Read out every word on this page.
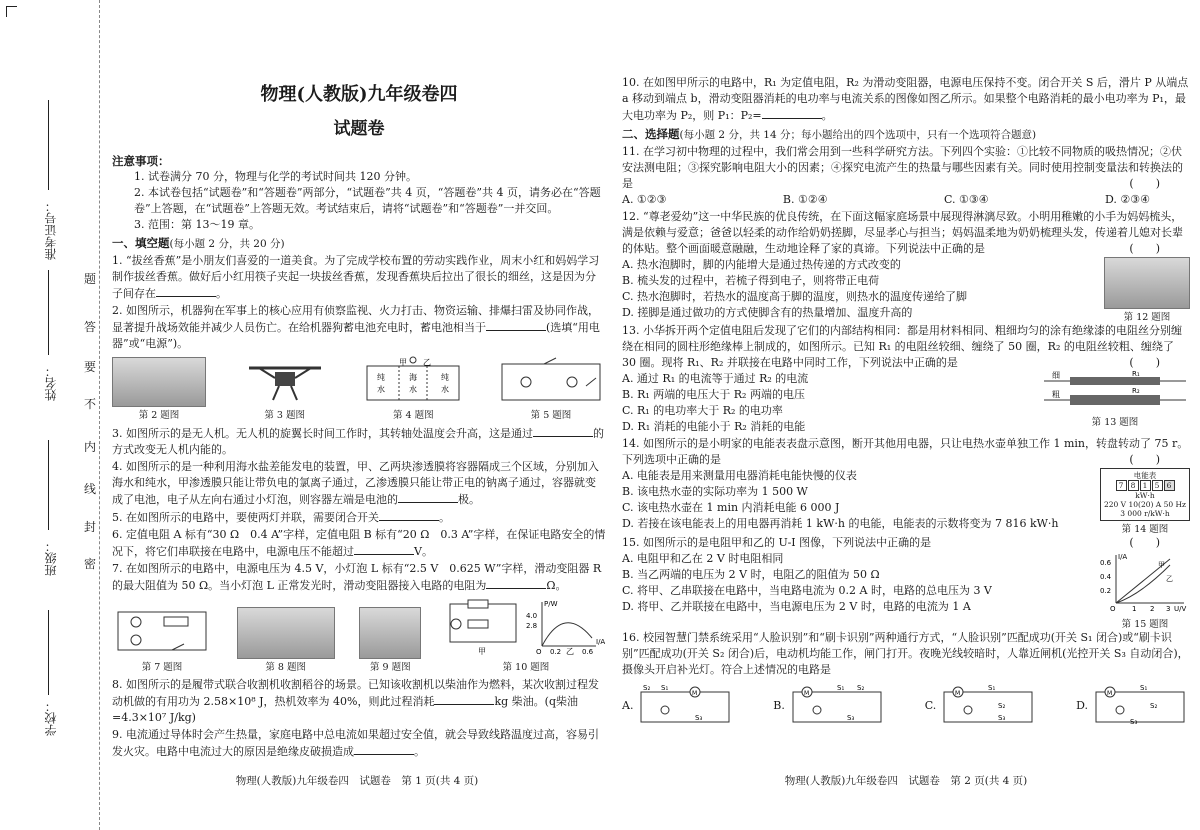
准考证号：
姓名：
班级：
学校：
题
答
要
不
内
线
封
密
物理(人教版)九年级卷四
试题卷
注意事项：

1. 试卷满分 70 分，物理与化学的考试时间共 120 分钟。

2. 本试卷包括“试题卷”和“答题卷”两部分，“试题卷”共 4 页，“答题卷”共 4 页，请务必在“答题卷”上答题，在“试题卷”上答题无效。考试结束后，请将“试题卷”和“答题卷”一并交回。

3. 范围：第 13～19 章。

一、填空题(每小题 2 分，共 20 分)
1. “拔丝香蕉”是小朋友们喜爱的一道美食。为了完成学校布置的劳动实践作业，周末小红和妈妈学习制作拔丝香蕉。做好后小红用筷子夹起一块拔丝香蕉，发现香蕉块后拉出了很长的细丝，这是因为分子间存在	。
2. 如图所示，机器狗在军事上的核心应用有侦察监视、火力打击、物资运输、排爆扫雷及协同作战，显著提升战场效能并减少人员伤亡。在给机器狗蓄电池充电时，蓄电池相当于	(选填“用电器”或“电源”)。
第 2 题图	第 3 题图
甲 乙
纯	海	纯
水	水	水
第 4 题图	第 5 题图
3. 如图所示的是无人机。无人机的旋翼长时间工作时，其转轴处温度会升高，这是通过	的方式改变无人机内能的。
4. 如图所示的是一种利用海水盐差能发电的装置，甲、乙两块渗透膜将容器隔成三个区域，分别加入海水和纯水，甲渗透膜只能让带负电的氯离子通过，乙渗透膜只能让带正电的钠离子通过，容器就变成了电池，电子从左向右通过小灯泡，则容器左端是电池的	极。
5. 在如图所示的电路中，要使两灯并联，需要闭合开关	。
6. 定值电阻 A 标有“30 Ω　0.4 A”字样，定值电阻 B 标有“20 Ω　0.3 A”字样，在保证电路安全的情况下，将它们串联接在电路中，电源电压不能超过	V。
7. 在如图所示的电路中，电源电压为 4.5 V，小灯泡 L 标有“2.5 V　0.625 W”字样，滑动变阻器 R 的最大阻值为 50 Ω。当小灯泡 L 正常发光时，滑动变阻器接入电路的电阻为	Ω。
第 7 题图	第 8 题图	第 9 题图
甲
P/W
4.0
2.8
I/A
0.2	0.6
O	乙
第 10 题图
8. 如图所示的是履带式联合收割机收割稻谷的场景。已知该收割机以柴油作为燃料，某次收割过程发动机做的有用功为 2.58×10⁸ J，热机效率为 40%，则此过程消耗	kg 柴油。(q柴油=4.3×10⁷ J/kg)
9. 电流通过导体时会产生热量，家庭电路中总电流如果超过安全值，就会导致线路温度过高，容易引发火灾。电路中电流过大的原因是绝缘皮破损造成	。
物理(人教版)九年级卷四　试题卷　第 1 页(共 4 页)
10. 在如图甲所示的电路中，R₁ 为定值电阻，R₂ 为滑动变阻器，电源电压保持不变。闭合开关 S 后，滑片 P 从端点 a 移动到端点 b，滑动变阻器消耗的电功率与电流关系的图像如图乙所示。如果整个电路消耗的最小电功率为 P₁，最大电功率为 P₂，则 P₁：P₂=	。
二、选择题(每小题 2 分，共 14 分；每小题给出的四个选项中，只有一个选项符合题意)
11. 在学习初中物理的过程中，我们常会用到一些科学研究方法。下列四个实验：①比较不同物质的吸热情况；②伏安法测电阻；③探究影响电阻大小的因素；④探究电流产生的热量与哪些因素有关。同时使用控制变量法和转换法的是	(　　)
A. ①②③	B. ①②④	C. ①③④	D. ②③④
12. “尊老爱幼”这一中华民族的优良传统，在下面这幅家庭场景中展现得淋漓尽致。小明用稚嫩的小手为妈妈梳头，满是依赖与爱意；爸爸以轻柔的动作给奶奶搓脚，尽显孝心与担当；妈妈温柔地为奶奶梳理头发，传递着儿媳对长辈的体贴。整个画面暖意融融，生动地诠释了家的真谛。下列说法中正确的是	(　　)
第 12 题图
A. 热水泡脚时，脚的内能增大是通过热传递的方式改变的
B. 梳头发的过程中，若梳子得到电子，则将带正电荷
C. 热水泡脚时，若热水的温度高于脚的温度，则热水的温度传递给了脚
D. 搓脚是通过做功的方式使脚含有的热量增加、温度升高的
13. 小华拆开两个定值电阻后发现了它们的内部结构相同：都是用材料相同、粗细均匀的涂有绝缘漆的电阻丝分别缠绕在相同的圆柱形绝缘棒上制成的，如图所示。已知 R₁ 的电阻丝较细、缠绕了 50 圈，R₂ 的电阻丝较粗、缠绕了 30 圈。现将 R₁、R₂ 并联接在电路中同时工作，下列说法中正确的是	(　　)
细
粗
R₁
R₂
第 13 题图
A. 通过 R₁ 的电流等于通过 R₂ 的电流
B. R₁ 两端的电压大于 R₂ 两端的电压
C. R₁ 的电功率大于 R₂ 的电功率
D. R₁ 消耗的电能小于 R₂ 消耗的电能
14. 如图所示的是小明家的电能表表盘示意图，断开其他用电器，只让电热水壶单独工作 1 min，转盘转动了 75 r。下列选项中正确的是	(　　)
电能表
7 8 1 5 6
kW·h
220 V 10(20) A 50 Hz
3 000 r/kW·h
第 14 题图
A. 电能表是用来测量用电器消耗电能快慢的仪表
B. 该电热水壶的实际功率为 1 500 W
C. 该电热水壶在 1 min 内消耗电能 6 000 J
D. 若接在该电能表上的用电器再消耗 1 kW·h 的电能，电能表的示数将变为 7 816 kW·h
15. 如图所示的是电阻甲和乙的 U-I 图像，下列说法中正确的是	(　　)
I/A
0.6
0.4
0.2
O 1 2 3 U/V
甲
乙
第 15 题图
A. 电阻甲和乙在 2 V 时电阻相同
B. 当乙两端的电压为 2 V 时，电阻乙的阻值为 50 Ω
C. 将甲、乙串联接在电路中，当电路电流为 0.2 A 时，电路的总电压为 3 V
D. 将甲、乙并联接在电路中，当电源电压为 2 V 时，电路的电流为 1 A
16. 校园智慧门禁系统采用“人脸识别”和“刷卡识别”两种通行方式，“人脸识别”匹配成功(开关 S₁ 闭合)或“刷卡识别”匹配成功(开关 S₂ 闭合)后，电动机均能工作，闸门打开。夜晚光线较暗时，人靠近闸机(光控开关 S₃ 自动闭合)，摄像头开启补光灯。符合上述情况的电路是
A.
M
S₂ S₁
S₃
B.
M
S₁ S₂
S₃
C.
M
S₁
S₂
S₃
D.
M
S₁
S₂
S₃
物理(人教版)九年级卷四　试题卷　第 2 页(共 4 页)
